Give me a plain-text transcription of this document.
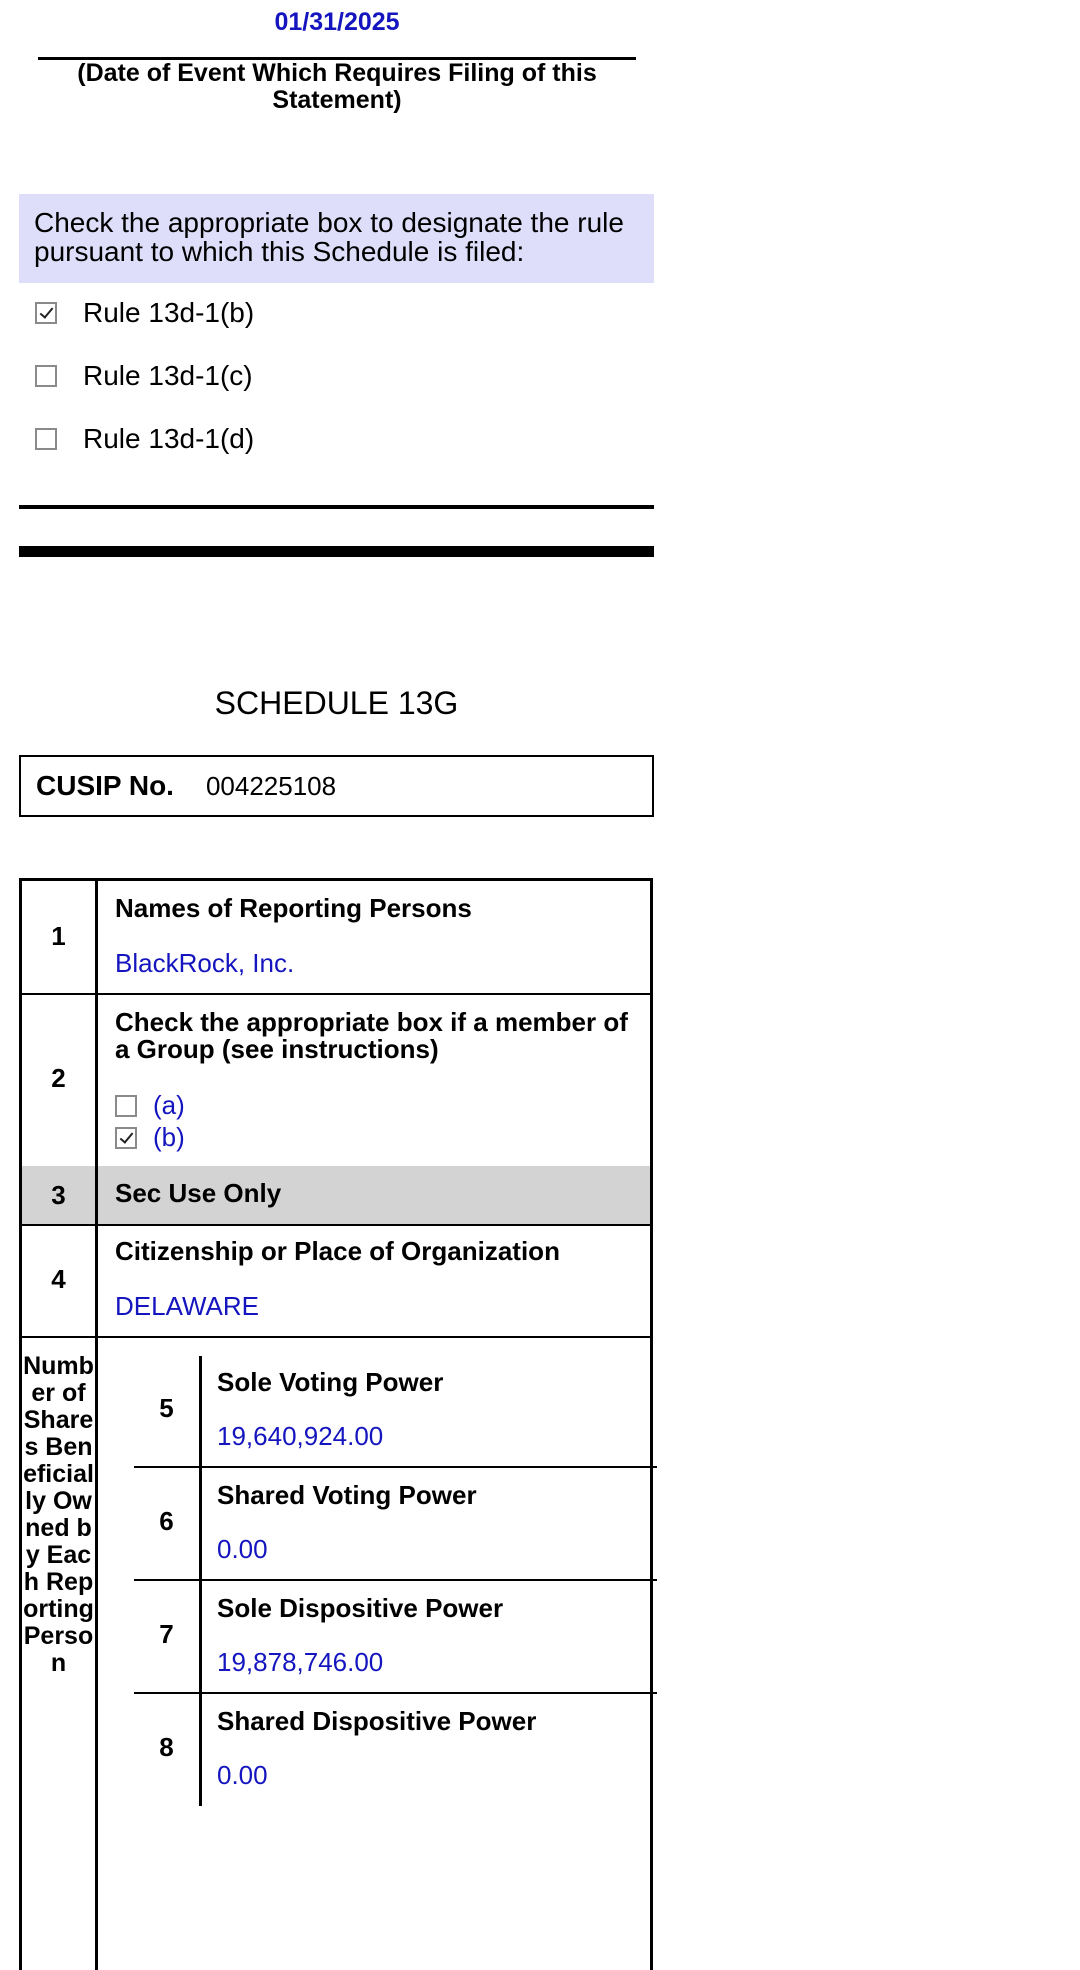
01/31/2025
(Date of Event Which Requires Filing of this Statement)
Check the appropriate box to designate the rule pursuant to which this Schedule is filed:
Rule 13d-1(b)
Rule 13d-1(c)
Rule 13d-1(d)
SCHEDULE 13G
CUSIP No. 004225108
1
Names of Reporting Persons
BlackRock, Inc.
2
Check the appropriate box if a member of a Group (see instructions)
(a)
(b)
3	Sec Use Only
4
Citizenship or Place of Organization
DELAWARE
Number of Shares Beneficially Owned by Each Reporting Person
5
Sole Voting Power
19,640,924.00
6
Shared Voting Power
0.00
7
Sole Dispositive Power
19,878,746.00
8
Shared Dispositive Power
0.00
